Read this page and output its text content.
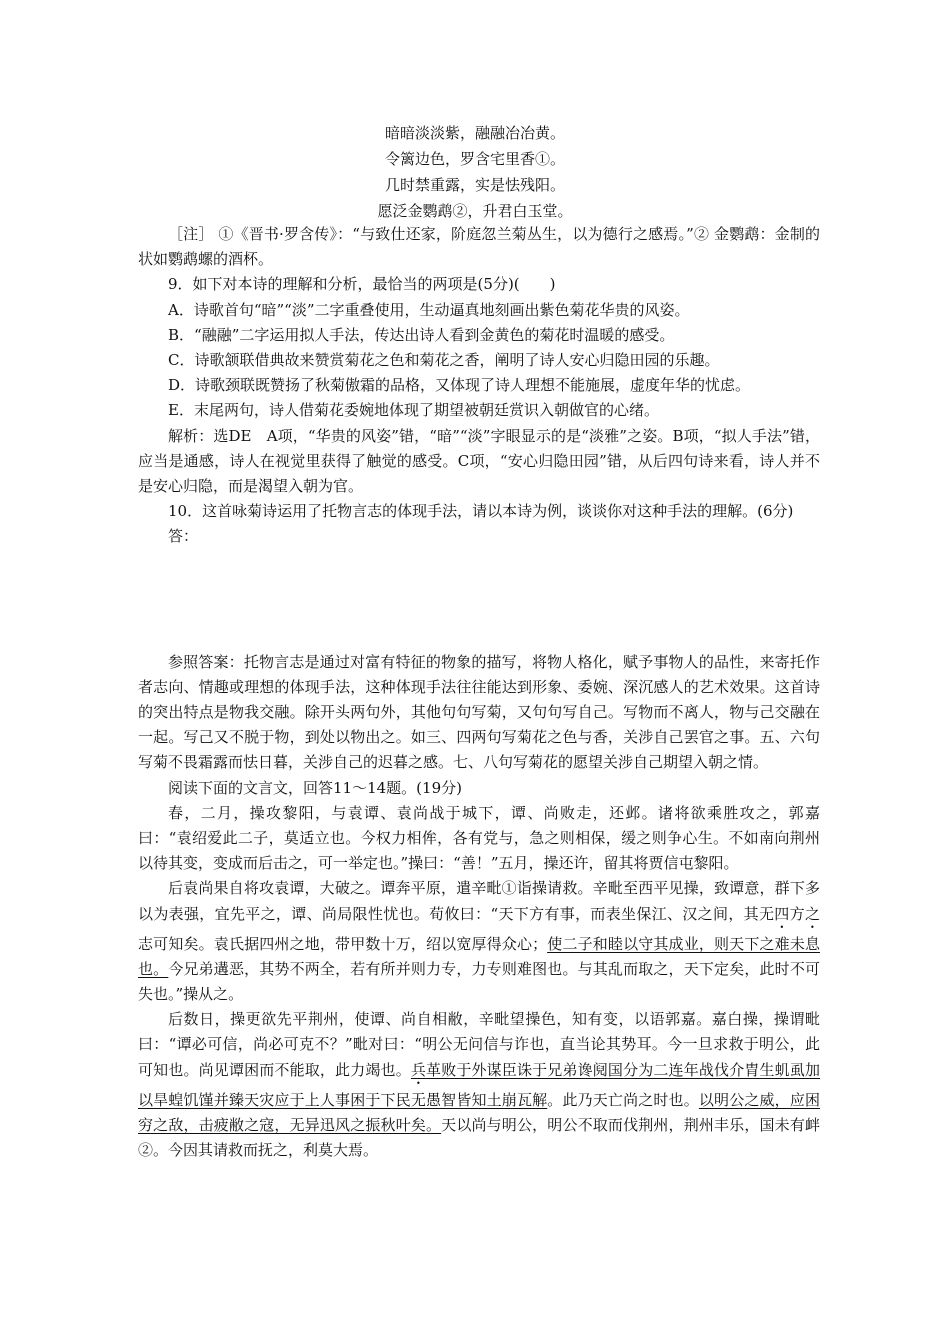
暗暗淡淡紫，融融冶冶黄。
令篱边色，罗含宅里香①。
几时禁重露，实是怯残阳。
愿泛金鹦鹉②，升君白玉堂。

［注］ ①《晋书·罗含传》：“与致仕还家，阶庭忽兰菊丛生，以为德行之感焉。”② 金鹦鹉：金制的状如鹦鹉螺的酒杯。

9．如下对本诗的理解和分析，最恰当的两项是(5分)(　　)

A．诗歌首句“暗”“淡”二字重叠使用，生动逼真地刻画出紫色菊花华贵的风姿。

B．“融融”二字运用拟人手法，传达出诗人看到金黄色的菊花时温暖的感受。

C．诗歌颔联借典故来赞赏菊花之色和菊花之香，阐明了诗人安心归隐田园的乐趣。

D．诗歌颈联既赞扬了秋菊傲霜的品格，又体现了诗人理想不能施展，虚度年华的忧虑。

E．末尾两句，诗人借菊花委婉地体现了期望被朝廷赏识入朝做官的心绪。

解析：选DE　A项，“华贵的风姿”错，“暗”“淡”字眼显示的是“淡雅”之姿。B项，“拟人手法”错，应当是通感，诗人在视觉里获得了触觉的感受。C项，“安心归隐田园”错，从后四句诗来看，诗人并不是安心归隐，而是渴望入朝为官。

10．这首咏菊诗运用了托物言志的体现手法，请以本诗为例，谈谈你对这种手法的理解。(6分)

答：

参照答案：托物言志是通过对富有特征的物象的描写，将物人格化，赋予事物人的品性，来寄托作者志向、情趣或理想的体现手法，这种体现手法往往能达到形象、委婉、深沉感人的艺术效果。这首诗的突出特点是物我交融。除开头两句外，其他句句写菊，又句句写自己。写物而不离人，物与己交融在一起。写己又不脱于物，到处以物出之。如三、四两句写菊花之色与香，关涉自己罢官之事。五、六句写菊不畏霜露而怯日暮，关涉自己的迟暮之感。七、八句写菊花的愿望关涉自己期望入朝之情。

阅读下面的文言文，回答11～14题。(19分)

春，二月，操攻黎阳，与袁谭、袁尚战于城下，谭、尚败走，还邺。诸将欲乘胜攻之，郭嘉曰：“袁绍爱此二子，莫适立也。今权力相侔，各有党与，急之则相保，缓之则争心生。不如南向荆州以待其变，变成而后击之，可一举定也。”操曰：“善！”五月，操还许，留其将贾信屯黎阳。

后袁尚果自将攻袁谭，大破之。谭奔平原，遣辛毗①诣操请救。辛毗至西平见操，致谭意，群下多以为表强，宜先平之，谭、尚局限性忧也。荀攸曰：“天下方有事，而表坐保江、汉之间，其无四方之志可知矣。袁氏据四州之地，带甲数十万，绍以宽厚得众心；使二子和睦以守其成业，则天下之难未息也。今兄弟遘恶，其势不两全，若有所并则力专，力专则难图也。与其乱而取之，天下定矣，此时不可失也。”操从之。

后数日，操更欲先平荆州，使谭、尚自相敝，辛毗望操色，知有变，以语郭嘉。嘉白操，操谓毗曰：“谭必可信，尚必可克不？”毗对曰：“明公无问信与诈也，直当论其势耳。今一旦求救于明公，此可知也。尚见谭困而不能取，此力竭也。兵革败于外谋臣诛于兄弟谗阋国分为二连年战伐介胄生虮虱加以旱蝗饥馑并臻天灾应于上人事困于下民无愚智皆知土崩瓦解。此乃天亡尚之时也。以明公之威，应困穷之敌，击疲敝之寇，无异迅风之振秋叶矣。天以尚与明公，明公不取而伐荆州，荆州丰乐，国未有衅②。今因其请救而抚之，利莫大焉。
